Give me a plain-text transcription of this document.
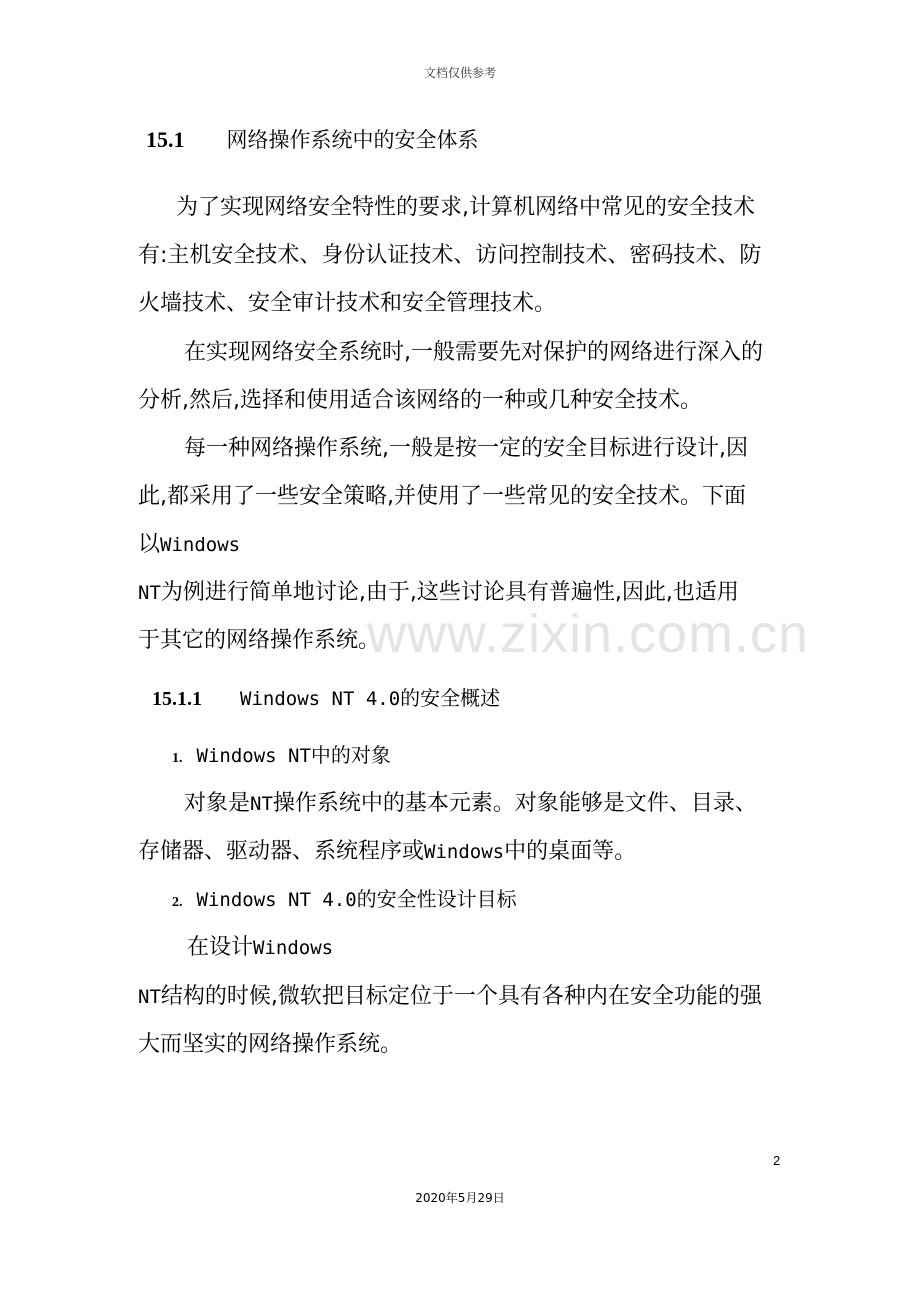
文档仅供参考
15.1 网络操作系统中的安全体系
为了实现网络安全特性的要求,计算机网络中常见的安全技术
有:主机安全技术、身份认证技术、访问控制技术、密码技术、防
火墙技术、安全审计技术和安全管理技术。
在实现网络安全系统时,一般需要先对保护的网络进行深入的
分析,然后,选择和使用适合该网络的一种或几种安全技术。
每一种网络操作系统,一般是按一定的安全目标进行设计,因
此,都采用了一些安全策略,并使用了一些常见的安全技术。下面
以Windows
NT为例进行简单地讨论,由于,这些讨论具有普遍性,因此,也适用
于其它的网络操作系统。
www.zixin.com.cn
15.1.1 Windows NT 4.0的安全概述
1. Windows NT中的对象
对象是NT操作系统中的基本元素。对象能够是文件、目录、
存储器、驱动器、系统程序或Windows中的桌面等。
2. Windows NT 4.0的安全性设计目标
在设计Windows
NT结构的时候,微软把目标定位于一个具有各种内在安全功能的强
大而坚实的网络操作系统。
2
2020年5月29日
